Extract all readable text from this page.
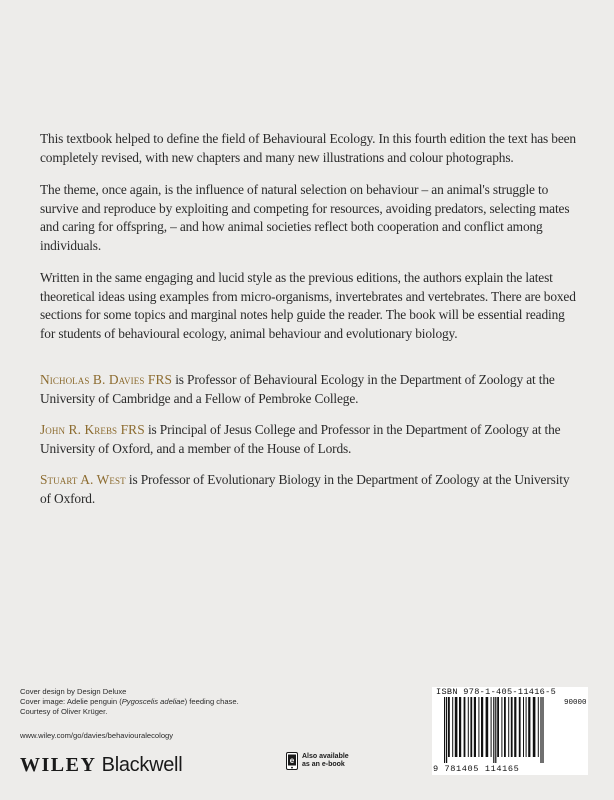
This textbook helped to define the field of Behavioural Ecology. In this fourth edition the text has been completely revised, with new chapters and many new illustrations and colour photographs.

The theme, once again, is the influence of natural selection on behaviour – an animal's struggle to survive and reproduce by exploiting and competing for resources, avoiding predators, selecting mates and caring for offspring, – and how animal societies reflect both cooperation and conflict among individuals.

Written in the same engaging and lucid style as the previous editions, the authors explain the latest theoretical ideas using examples from micro-organisms, invertebrates and vertebrates. There are boxed sections for some topics and marginal notes help guide the reader. The book will be essential reading for students of behavioural ecology, animal behaviour and evolutionary biology.

Nicholas B. Davies FRS is Professor of Behavioural Ecology in the Department of Zoology at the University of Cambridge and a Fellow of Pembroke College.

John R. Krebs FRS is Principal of Jesus College and Professor in the Department of Zoology at the University of Oxford, and a member of the House of Lords.

Stuart A. West is Professor of Evolutionary Biology in the Department of Zoology at the University of Oxford.

Cover design by Design Deluxe
Cover image: Adelie penguin (Pygoscelis adeliae) feeding chase.
Courtesy of Oliver Krüger.
www.wiley.com/go/davies/behaviouralecology
WILEY Blackwell	e Also available as an e-book
ISBN 978-1-405-11416-5
90000
9 781405 114165
